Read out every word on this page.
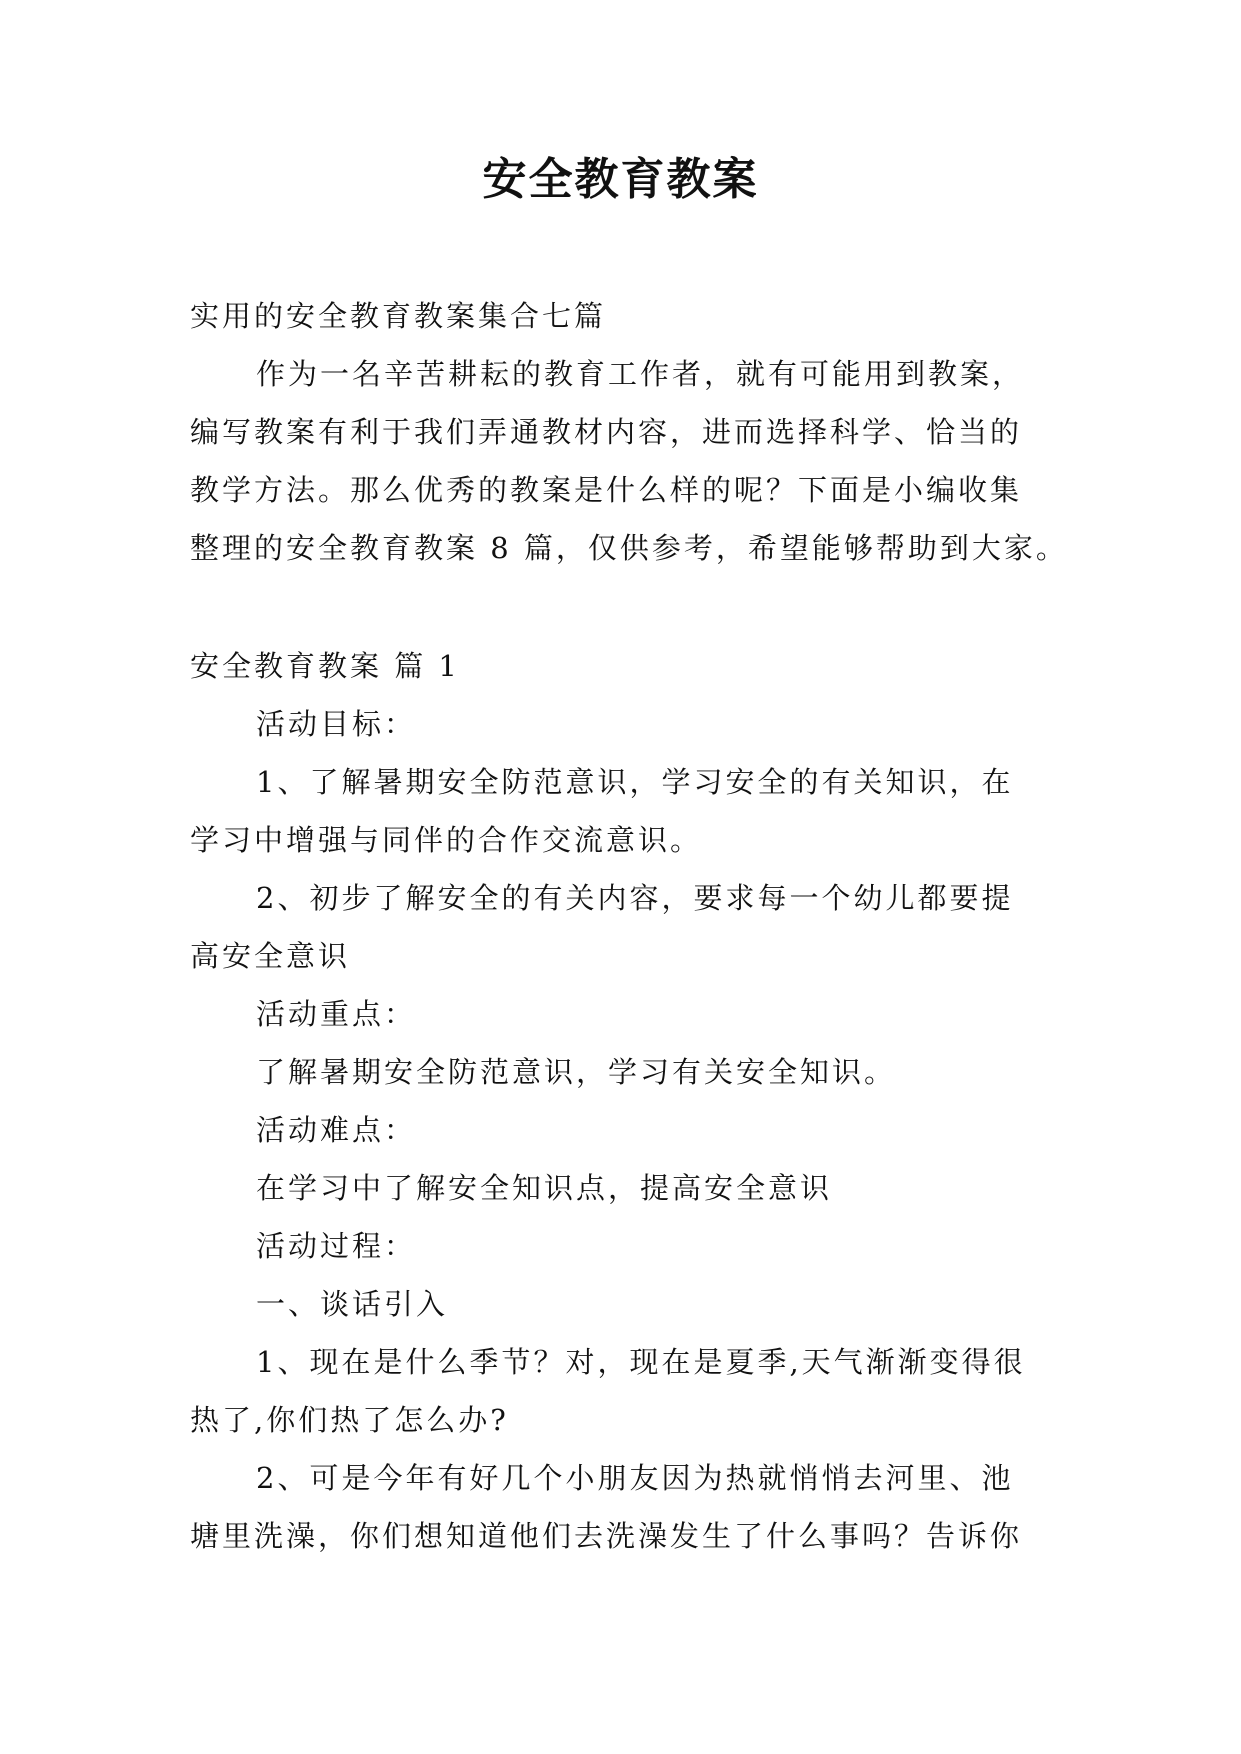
安全教育教案

实用的安全教育教案集合七篇

作为一名辛苦耕耘的教育工作者，就有可能用到教案，

编写教案有利于我们弄通教材内容，进而选择科学、恰当的

教学方法。那么优秀的教案是什么样的呢？下面是小编收集

整理的安全教育教案 8 篇，仅供参考，希望能够帮助到大家。

安全教育教案 篇 1

活动目标：

1、了解暑期安全防范意识，学习安全的有关知识，在

学习中增强与同伴的合作交流意识。

2、初步了解安全的有关内容，要求每一个幼儿都要提

高安全意识

活动重点：

了解暑期安全防范意识，学习有关安全知识。

活动难点：

在学习中了解安全知识点，提高安全意识

活动过程：

一、谈话引入

1、现在是什么季节？对，现在是夏季,天气渐渐变得很

热了,你们热了怎么办?

2、可是今年有好几个小朋友因为热就悄悄去河里、池

塘里洗澡，你们想知道他们去洗澡发生了什么事吗？告诉你
